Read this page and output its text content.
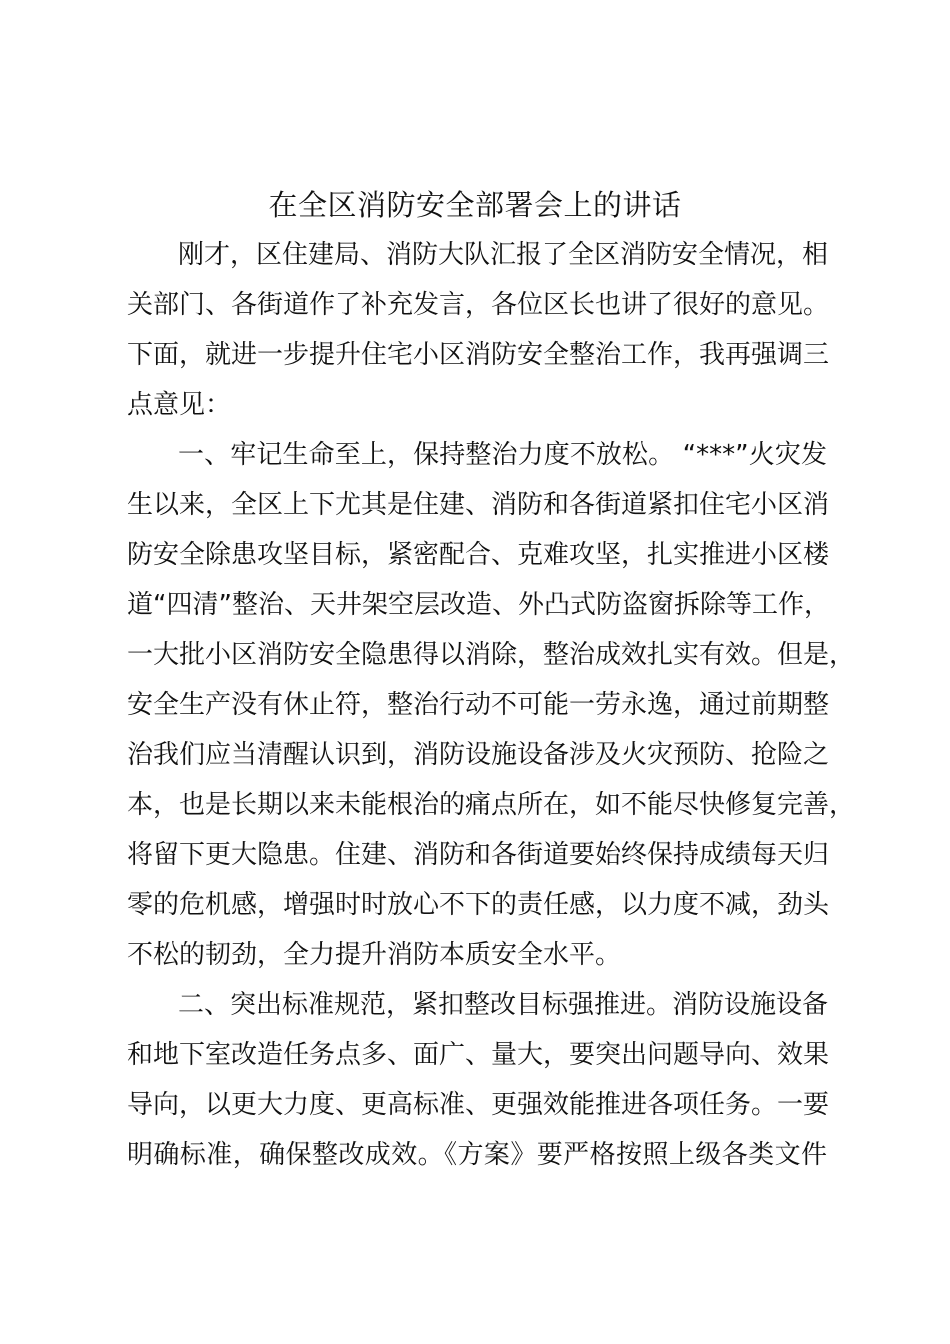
在全区消防安全部署会上的讲话
刚才，区住建局、消防大队汇报了全区消防安全情况，相
关部门、各街道作了补充发言，各位区长也讲了很好的意见。
下面，就进一步提升住宅小区消防安全整治工作，我再强调三
点意见：
一、牢记生命至上，保持整治力度不放松。 “***”火灾发
生以来，全区上下尤其是住建、消防和各街道紧扣住宅小区消
防安全除患攻坚目标，紧密配合、克难攻坚，扎实推进小区楼
道“四清”整治、天井架空层改造、外凸式防盗窗拆除等工作，
一大批小区消防安全隐患得以消除，整治成效扎实有效。但是，
安全生产没有休止符，整治行动不可能一劳永逸，通过前期整
治我们应当清醒认识到，消防设施设备涉及火灾预防、抢险之
本，也是长期以来未能根治的痛点所在，如不能尽快修复完善，
将留下更大隐患。住建、消防和各街道要始终保持成绩每天归
零的危机感，增强时时放心不下的责任感，以力度不减，劲头
不松的韧劲，全力提升消防本质安全水平。
二、突出标准规范，紧扣整改目标强推进。消防设施设备
和地下室改造任务点多、面广、量大，要突出问题导向、效果
导向，以更大力度、更高标准、更强效能推进各项任务。一要
明确标准，确保整改成效。《方案》要严格按照上级各类文件
